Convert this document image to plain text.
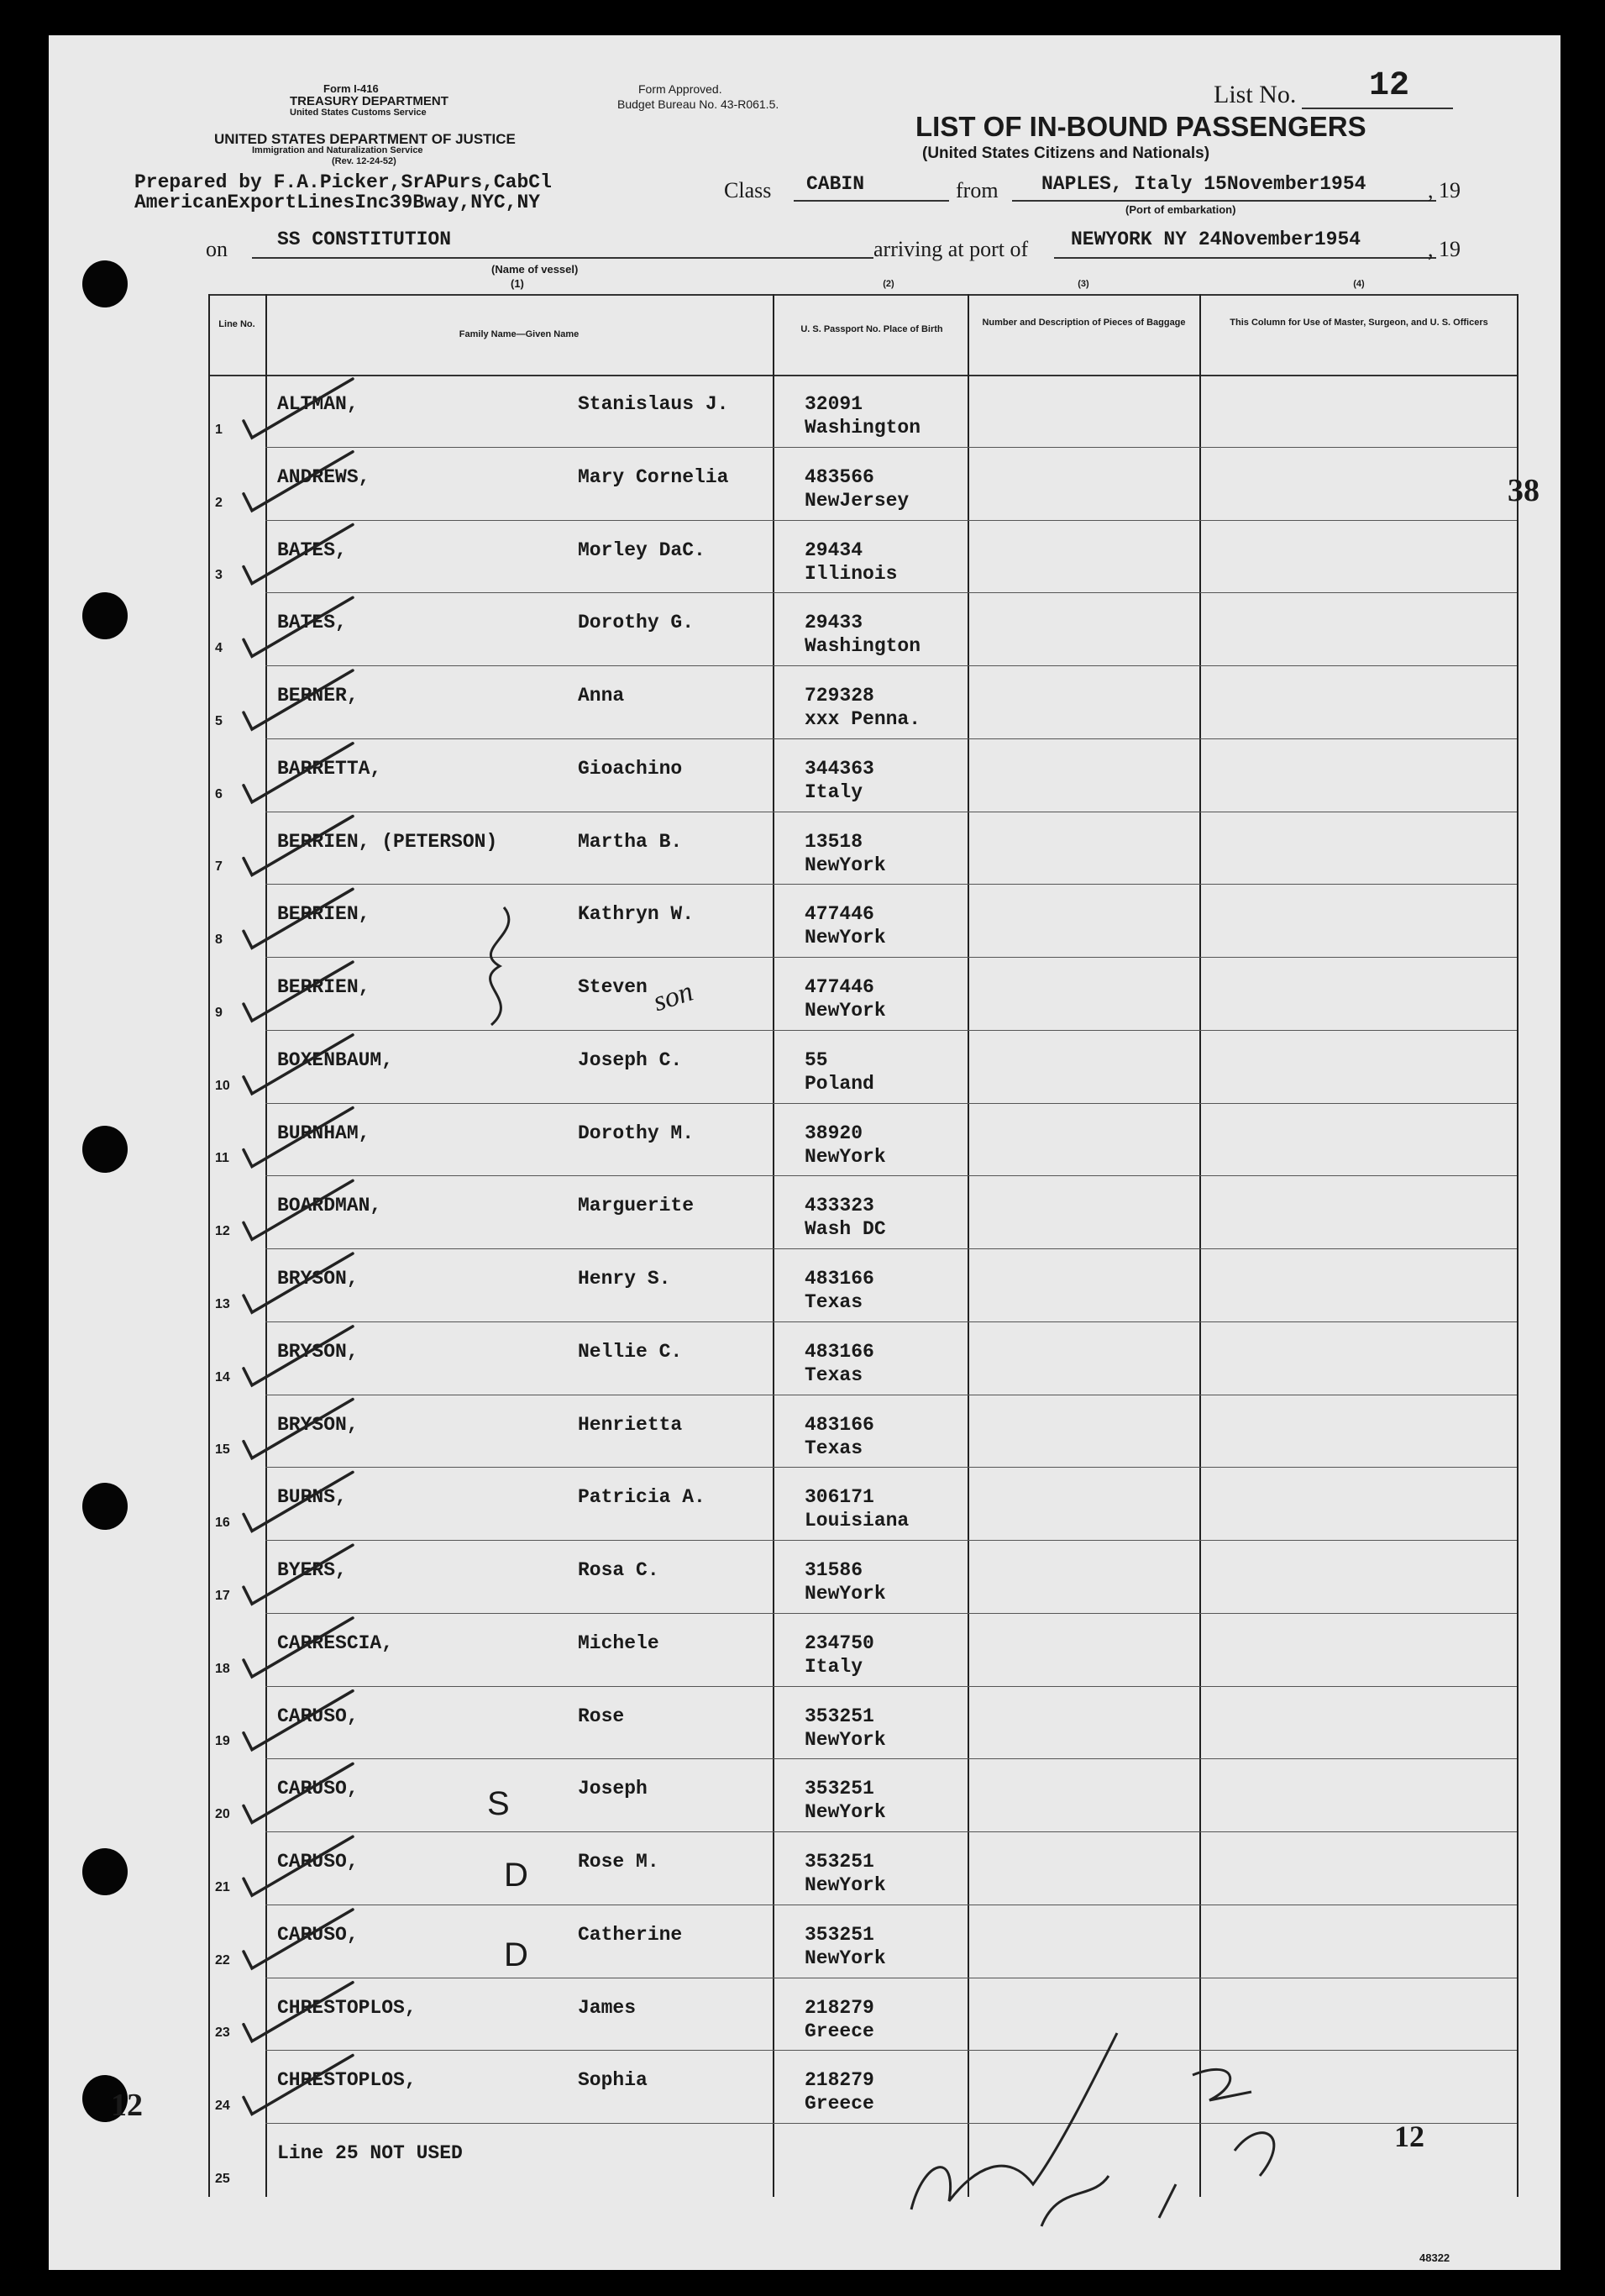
Form I-416
TREASURY DEPARTMENT
United States Customs Service
UNITED STATES DEPARTMENT OF JUSTICE
Immigration and Naturalization Service
(Rev. 12-24-52)
Form Approved.
Budget Bureau No. 43-R061.5.	List No. 12
LIST OF IN-BOUND PASSENGERS
(United States Citizens and Nationals)
Prepared by F.A.Picker,SrAPurs,CabCl
AmericanExportLinesInc39Bway,NYC,NY	Class CABIN	from NAPLES, Italy 15November1954	, 19
(Port of embarkation)
on	SS CONSTITUTION
(Name of vessel)
(1)
arriving at port of NEWYORK NY 24November1954	, 19
(2)	(3)	(4)
Line No.
Family Name—Given Name	U. S. Passport No. Place of Birth
Number and Description of Pieces of Baggage	This Column for Use of Master, Surgeon, and U. S. Officers
1
ALTMAN,	Stanislaus J.	32091
Washington
2
ANDREWS,	Mary Cornelia	483566
NewJersey
3
BATES,	Morley DaC.	29434
Illinois
4
BATES,	Dorothy G.	29433
Washington
5
BERNER,	Anna	729328
xxx Penna.
6
BARRETTA,	Gioachino	344363
Italy
7
BERRIEN, (PETERSON)	Martha B.	13518
NewYork
8
BERRIEN,	Kathryn W.	477446
NewYork
9
BERRIEN,	Steven	477446
NewYork
10
BOXENBAUM,	Joseph C.	55
Poland
11
BURNHAM,	Dorothy M.	38920
NewYork
12
BOARDMAN,	Marguerite	433323
Wash DC
13
BRYSON,	Henry S.	483166
Texas
14
BRYSON,	Nellie C.	483166
Texas
15
BRYSON,	Henrietta	483166
Texas
16
BURNS,	Patricia A.	306171
Louisiana
17
BYERS,	Rosa C.	31586
NewYork
18
CARRESCIA,	Michele	234750
Italy
19
CARUSO,	Rose	353251
NewYork
20
CARUSO,	Joseph	353251
NewYork
21
CARUSO,	Rose M.	353251
NewYork
22
CARUSO,	Catherine	353251
NewYork
23
CHRESTOPLOS,	James	218279
Greece
24
CHRESTOPLOS,	Sophia	218279
Greece
25
Line 25 NOT USED
son
S
D
D
38
12
12
48322
